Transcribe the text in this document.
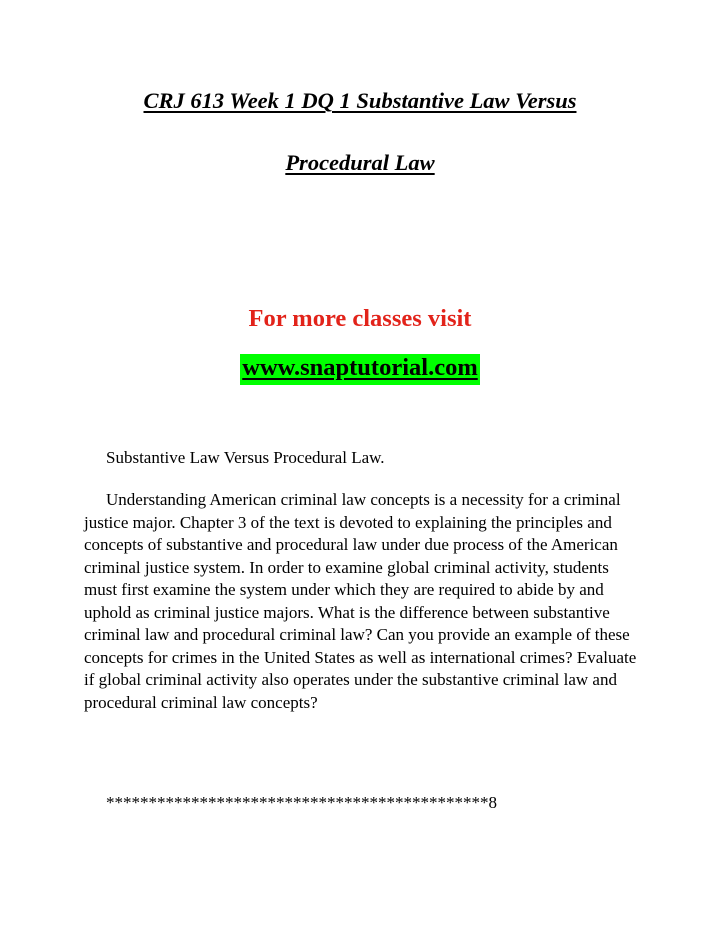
CRJ 613 Week 1 DQ 1 Substantive Law Versus
Procedural Law
For more classes visit
www.snaptutorial.com
Substantive Law Versus Procedural Law.

Understanding American criminal law concepts is a necessity for a criminal justice major. Chapter 3 of the text is devoted to explaining the principles and concepts of substantive and procedural law under due process of the American criminal justice system. In order to examine global criminal activity, students must first examine the system under which they are required to abide by and uphold as criminal justice majors. What is the difference between substantive criminal law and procedural criminal law? Can you provide an example of these concepts for crimes in the United States as well as international crimes? Evaluate if global criminal activity also operates under the substantive criminal law and procedural criminal law concepts?

*********************************************8
